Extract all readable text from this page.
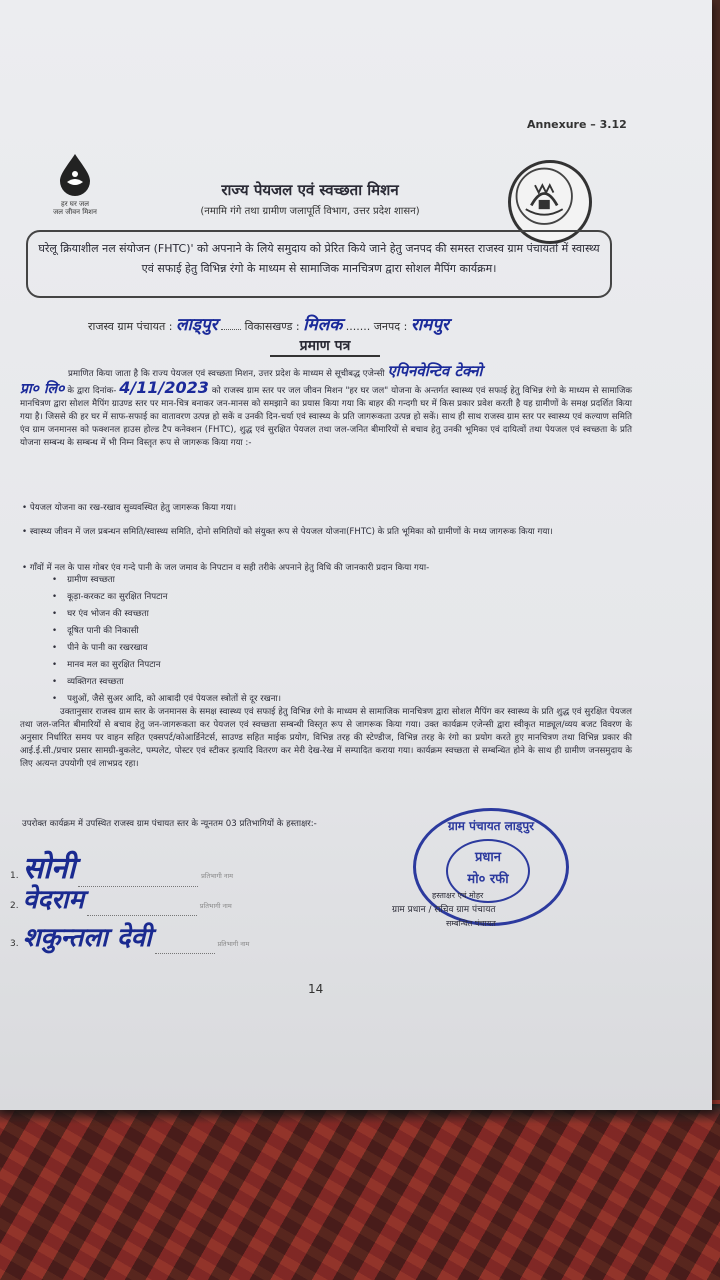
Annexure – 3.12
हर घर जल
जल जीवन मिशन
राज्य पेयजल एवं स्वच्छता मिशन
(नमामि गंगे तथा ग्रामीण जलापूर्ति विभाग, उत्तर प्रदेश शासन)
घरेलू क्रियाशील नल संयोजन (FHTC)' को अपनाने के लिये समुदाय को प्रेरित किये जाने हेतु जनपद की समस्त राजस्व ग्राम पंचायतों में स्वास्थ्य एवं सफाई हेतु विभिन्न रंगो के माध्यम से सामाजिक मानचित्रण द्वारा सोशल मैपिंग कार्यक्रम।
राजस्व ग्राम पंचायत : लाड्पुर विकासखण्ड : मिलक ....... जनपद : रामपुर
प्रमाण पत्र
प्रमाणित किया जाता है कि राज्य पेयजल एवं स्वच्छता मिशन, उत्तर प्रदेश के माध्यम से सूचीबद्ध एजेन्सी एपिनवेन्टिव टेक्नो
प्रा० लि० के द्वारा दिनांक- 4/11/2023 को राजस्व ग्राम स्तर पर जल जीवन मिशन "हर घर जल" योजना के अन्तर्गत स्वास्थ्य एवं सफाई हेतु विभिन्न रंगो के माध्यम से सामाजिक मानचित्रण द्वारा सोशल मैपिंग ग्राउण्ड स्तर पर मान-चित्र बनाकर जन-मानस को समझाने का प्रयास किया गया कि बाहर की गन्दगी घर में किस प्रकार प्रवेश करती है यह ग्रामीणों के समक्ष प्रदर्शित किया गया है। जिससे की हर घर में साफ-सफाई का वातावरण उत्पन्न हो सकें व उनकी दिन-चर्या एवं स्वास्थ्य के प्रति जागरूकता उत्पन्न हो सकें। साथ ही साथ राजस्व ग्राम स्तर पर स्वास्थ्य एवं कल्याण समिति एंव ग्राम जनमानस को फक्शनल हाउस होल्ड टैप कनेक्शन (FHTC), शुद्ध एवं सुरक्षित पेयजल तथा जल-जनित बीमारियों से बचाव हेतु उनकी भूमिका एवं दायित्वों तथा पेयजल एवं स्वच्छता के प्रति योजना सम्बन्ध के सम्बन्ध में भी निम्न विस्तृत रूप से जागरूक किया गया :-
• पेयजल योजना का रख-रखाव सुव्यवस्थित हेतु जागरूक किया गया।
• स्वास्थ्य जीवन में जल प्रबन्धन समिति/स्वास्थ्य समिति, दोनो समितियों को संयुक्त रूप से पेयजल योजना(FHTC) के प्रति भूमिका को ग्रामीणों के मध्य जागरूक किया गया।
• गाँवों में नल के पास गोबर एंव गन्दे पानी के जल जमाव के निपटान व सही तरीके अपनाने हेतु विधि की जानकारी प्रदान किया गया-
• ग्रामीण स्वच्छता
• कूड़ा-करकट का सुरक्षित निपटान
• घर एंव भोजन की स्वच्छता
• दूषित पानी की निकासी
• पीने के पानी का रखरखाव
• मानव मल का सुरक्षित निपटान
• व्यक्तिगत स्वच्छता
• पशुओं, जैसे सुअर आदि, को आबादी एवं पेयजल स्त्रोतों से दूर रखना।
उक्तानुसार राजस्व ग्राम स्तर के जनमानस के समक्ष स्वास्थ्य एवं सफाई हेतु विभिन्न रंगो के माध्यम से सामाजिक मानचित्रण द्वारा सोशल मैपिंग कर स्वास्थ्य के प्रति शुद्ध एवं सुरक्षित पेयजल तथा जल-जनित बीमारियों से बचाव हेतु जन-जागरूकता कर पेयजल एवं स्वच्छता सम्बन्धी विस्तृत रूप से जागरूक किया गया। उक्त कार्यक्रम एजेन्सी द्वारा स्वीकृत माड्यूल/व्यय बजट विवरण के अनुसार निर्धारित समय पर वाहन सहित एक्सपर्ट/कोआर्डिनेटर्स, साउण्ड सहित माईक प्रयोग, विभिन्न तरह की स्टेण्डीज, विभिन्न तरह के रंगो का प्रयोग करते हुए मानचित्रण तथा विभिन्न प्रकार की आई.ई.सी./प्रचार प्रसार सामग्री-बुकलेट, पम्पलेट, पोस्टर एवं स्टीकर इत्यादि वितरण कर मेरी देख-रेख में सम्पादित कराया गया। कार्यक्रम स्वच्छता से सम्बन्धित होने के साथ ही ग्रामीण जनसमुदाय के लिए अत्यन्त उपयोगी एवं लाभप्रद रहा।
उपरोक्त कार्यक्रम में उपस्थित राजस्व ग्राम पंचायत स्तर के न्यूनतम 03 प्रतिभागियों के हस्ताक्षर:-
1. सोनी	प्रतिभागी नाम
2. वेदराम	प्रतिभागी नाम
3. शकुन्तला देवी	प्रतिभागी नाम
ग्राम पंचायत लाड्पुर
प्रधान
मो० रफी
हस्ताक्षर एवं मोहर
ग्राम प्रधान / सचिव ग्राम पंचायत
सम्बन्धित पंचायत
14
